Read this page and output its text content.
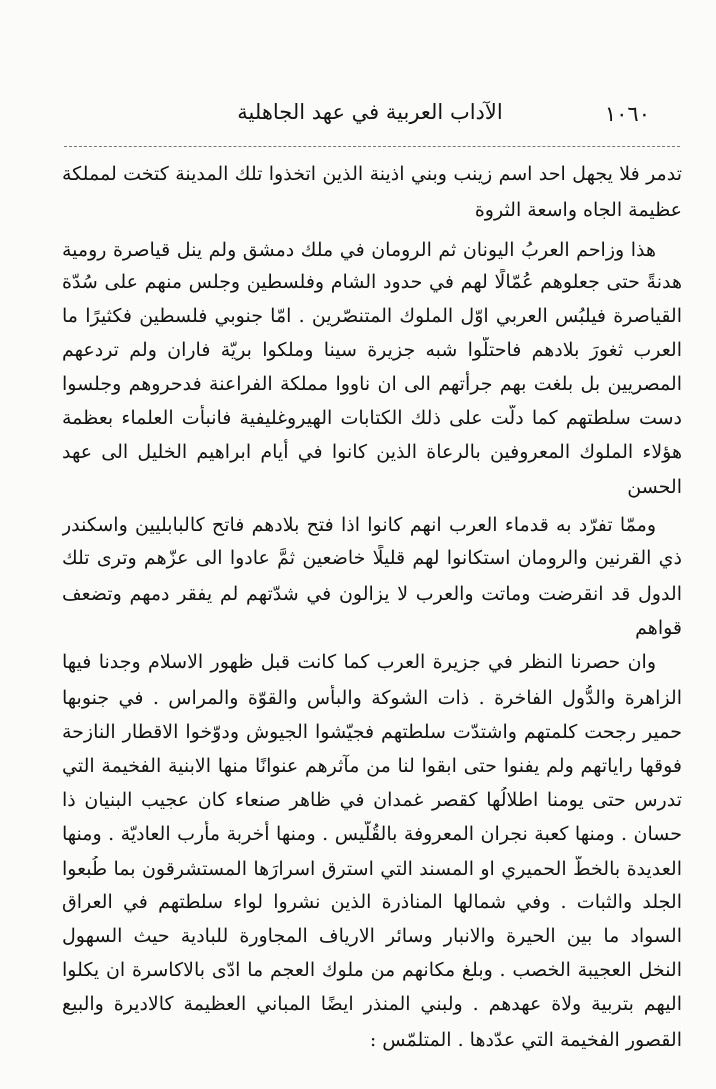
١٠٦٠
الآداب العربية في عهد الجاهلية
تدمر فلا يجهل احد اسم زينب وبني اذينة الذين اتخذوا تلك المدينة كتخت لمملكة
عظيمة الجاه واسعة الثروة
هذا وزاحم العربُ اليونان ثم الرومان في ملك دمشق ولم ينل قياصرة رومية
هدنةً حتى جعلوهم عُمّالًا لهم في حدود الشام وفلسطين وجلس منهم على سُدّة
القياصرة فيلبُس العربي اوّل الملوك المتنصّرين . امّا جنوبي فلسطين فكثيرًا ما
العرب ثغورَ بلادهم فاحتلُّوا شبه جزيرة سينا وملكوا بريّة فاران ولم تردعهم
المصريين بل بلغت بهم جرأتهم الى ان ناووا مملكة الفراعنة فدحروهم وجلسوا
دست سلطتهم كما دلّت على ذلك الكتابات الهيروغليفية فانبأت العلماء بعظمة
هؤلاء الملوك المعروفين بالرعاة الذين كانوا في أيام ابراهيم الخليل الى عهد
الحسن
وممّا تفرّد به قدماء العرب انهم كانوا اذا فتح بلادهم فاتح كالبابليين واسكندر
ذي القرنين والرومان استكانوا لهم قليلًا خاضعين ثمَّ عادوا الى عزّهم وترى تلك
الدول قد انقرضت وماتت والعرب لا يزالون في شدّتهم لم يفقر دمهم وتضعف
قواهم
وان حصرنا النظر في جزيرة العرب كما كانت قبل ظهور الاسلام وجدنا فيها
الزاهرة والدُّول الفاخرة . ذات الشوكة والبأس والقوّة والمراس . في جنوبها
حمير رجحت كلمتهم واشتدّت سلطتهم فجيّشوا الجيوش ودوّخوا الاقطار النازحة
فوقها راياتهم ولم يفنوا حتى ابقوا لنا من مآثرهم عنوانًا منها الابنية الفخيمة التي
تدرس حتى يومنا اطلالُها كقصر غمدان في ظاهر صنعاء كان عجيب البنيان ذا
حسان . ومنها كعبة نجران المعروفة بالقُلَّيس . ومنها أخربة مأرب العاديّة . ومنها
العديدة بالخطّ الحميري او المسند التي استرق اسرارَها المستشرقون بما طُبعوا
الجلد والثبات . وفي شمالها المناذرة الذين نشروا لواء سلطتهم في العراق
السواد ما بين الحيرة والانبار وسائر الارياف المجاورة للبادية حيث السهول
النخل العجيبة الخصب . وبلغ مكانهم من ملوك العجم ما ادّى بالاكاسرة ان يكلوا
اليهم بتربية ولاة عهدهم . ولبني المنذر ايضًا المباني العظيمة كالاديرة والبيع
القصور الفخيمة التي عدّدها . المتلمّس :
